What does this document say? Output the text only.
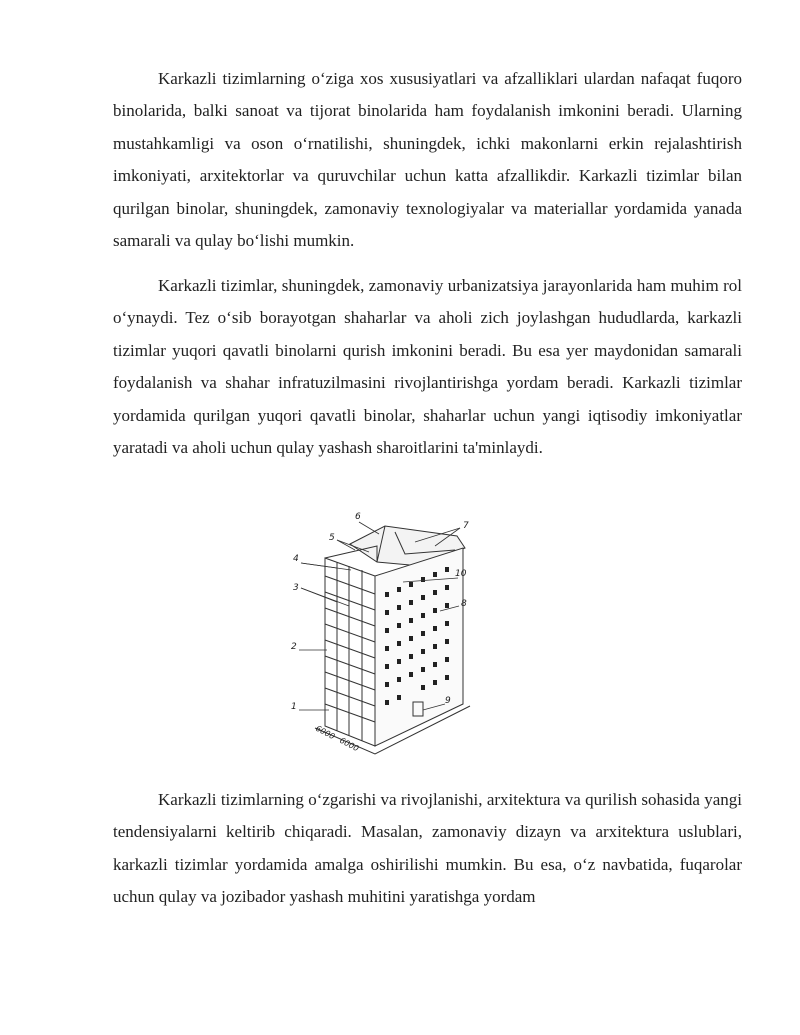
Karkazli tizimlarning o‘ziga xos xususiyatlari va afzalliklari ulardan nafaqat fuqoro binolarida, balki sanoat va tijorat binolarida ham foydalanish imkonini beradi. Ularning mustahkamligi va oson o‘rnatilishi, shuningdek, ichki makonlarni erkin rejalashtirish imkoniyati, arxitektorlar va quruvchilar uchun katta afzallikdir. Karkazli tizimlar bilan qurilgan binolar, shuningdek, zamonaviy texnologiyalar va materiallar yordamida yanada samarali va qulay bo‘lishi mumkin.

Karkazli tizimlar, shuningdek, zamonaviy urbanizatsiya jarayonlarida ham muhim rol o‘ynaydi. Tez o‘sib borayotgan shaharlar va aholi zich joylashgan hududlarda, karkazli tizimlar yuqori qavatli binolarni qurish imkonini beradi. Bu esa yer maydonidan samarali foydalanish va shahar infratuzilmasini rivojlantirishga yordam beradi. Karkazli tizimlar yordamida qurilgan yuqori qavatli binolar, shaharlar uchun yangi iqtisodiy imkoniyatlar yaratadi va aholi uchun qulay yashash sharoitlarini ta'minlaydi.

1
2
3
4
5
6
7
8
9
10
6000
6000

Karkazli tizimlarning o‘zgarishi va rivojlanishi, arxitektura va qurilish sohasida yangi tendensiyalarni keltirib chiqaradi. Masalan, zamonaviy dizayn va arxitektura uslublari, karkazli tizimlar yordamida amalga oshirilishi mumkin. Bu esa, o‘z navbatida, fuqarolar uchun qulay va jozibador yashash muhitini yaratishga yordam
